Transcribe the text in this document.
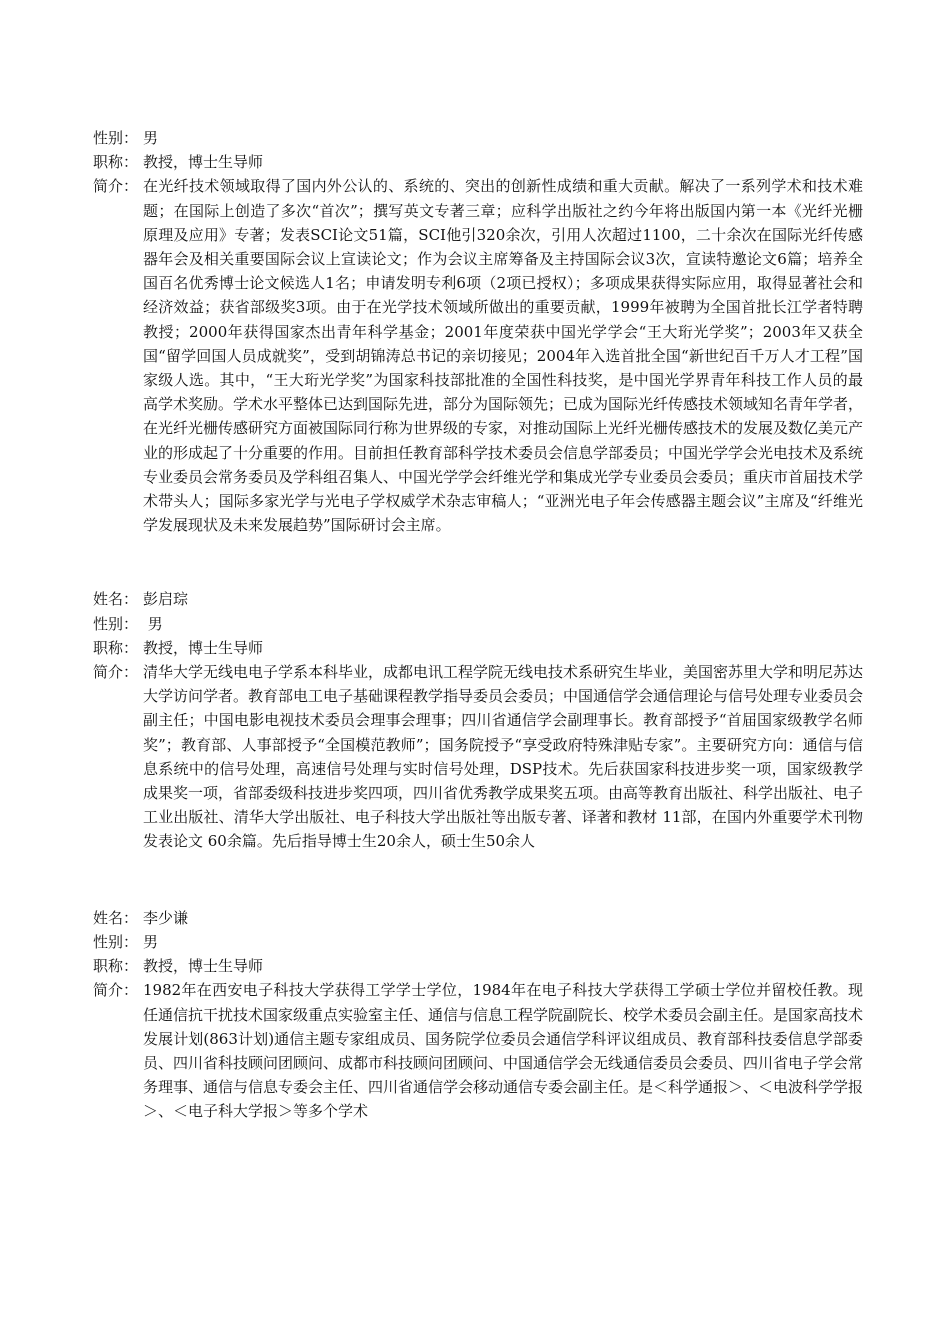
性别： 男
职称： 教授，博士生导师
简介： 在光纤技术领域取得了国内外公认的、系统的、突出的创新性成绩和重大贡献。解决了一系列学术和技术难题；在国际上创造了多次“首次”；撰写英文专著三章；应科学出版社之约今年将出版国内第一本《光纤光栅原理及应用》专著；发表SCI论文51篇，SCI他引320余次，引用人次超过1100，二十余次在国际光纤传感器年会及相关重要国际会议上宣读论文；作为会议主席筹备及主持国际会议3次，宣读特邀论文6篇；培养全国百名优秀博士论文候选人1名；申请发明专利6项（2项已授权）；多项成果获得实际应用，取得显著社会和经济效益；获省部级奖3项。由于在光学技术领域所做出的重要贡献，1999年被聘为全国首批长江学者特聘教授；2000年获得国家杰出青年科学基金；2001年度荣获中国光学学会“王大珩光学奖”；2003年又获全国“留学回国人员成就奖”，受到胡锦涛总书记的亲切接见；2004年入选首批全国“新世纪百千万人才工程”国家级人选。其中，“王大珩光学奖”为国家科技部批准的全国性科技奖，是中国光学界青年科技工作人员的最高学术奖励。学术水平整体已达到国际先进，部分为国际领先；已成为国际光纤传感技术领域知名青年学者，在光纤光栅传感研究方面被国际同行称为世界级的专家，对推动国际上光纤光栅传感技术的发展及数亿美元产业的形成起了十分重要的作用。目前担任教育部科学技术委员会信息学部委员；中国光学学会光电技术及系统专业委员会常务委员及学科组召集人、中国光学学会纤维光学和集成光学专业委员会委员；重庆市首届技术学术带头人；国际多家光学与光电子学权威学术杂志审稿人；“亚洲光电子年会传感器主题会议”主席及“纤维光学发展现状及未来发展趋势”国际研讨会主席。
姓名： 彭启琮
性别： 男
职称： 教授，博士生导师
简介： 清华大学无线电电子学系本科毕业，成都电讯工程学院无线电技术系研究生毕业，美国密苏里大学和明尼苏达大学访问学者。教育部电工电子基础课程教学指导委员会委员；中国通信学会通信理论与信号处理专业委员会副主任；中国电影电视技术委员会理事会理事；四川省通信学会副理事长。教育部授予“首届国家级教学名师奖”；教育部、人事部授予“全国模范教师”；国务院授予“享受政府特殊津贴专家”。主要研究方向：通信与信息系统中的信号处理，高速信号处理与实时信号处理，DSP技术。先后获国家科技进步奖一项，国家级教学成果奖一项，省部委级科技进步奖四项，四川省优秀教学成果奖五项。由高等教育出版社、科学出版社、电子工业出版社、清华大学出版社、电子科技大学出版社等出版专著、译著和教材 11部，在国内外重要学术刊物发表论文 60余篇。先后指导博士生20余人，硕士生50余人
姓名： 李少谦
性别： 男
职称： 教授，博士生导师
简介： 1982年在西安电子科技大学获得工学学士学位，1984年在电子科技大学获得工学硕士学位并留校任教。现任通信抗干扰技术国家级重点实验室主任、通信与信息工程学院副院长、校学术委员会副主任。是国家高技术发展计划(863计划)通信主题专家组成员、国务院学位委员会通信学科评议组成员、教育部科技委信息学部委员、四川省科技顾问团顾问、成都市科技顾问团顾问、中国通信学会无线通信委员会委员、四川省电子学会常务理事、通信与信息专委会主任、四川省通信学会移动通信专委会副主任。是＜科学通报＞、＜电波科学学报＞、＜电子科大学报＞等多个学术
